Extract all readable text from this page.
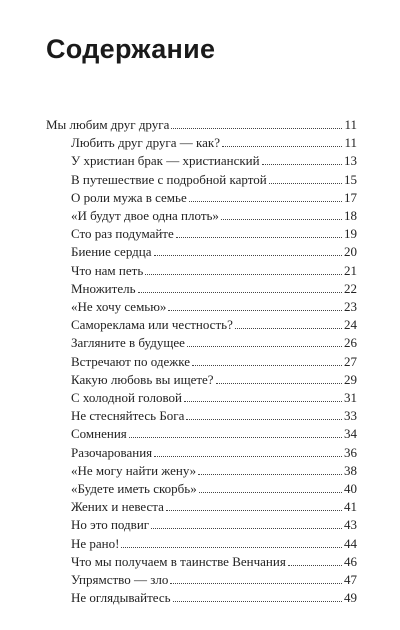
Содержание
Мы любим друг друга	11
Любить друг друга — как?	11
У христиан брак — христианский	13
В путешествие с подробной картой	15
О роли мужа в семье	17
«И будут двое одна плоть»	18
Сто раз подумайте	19
Биение сердца	20
Что нам петь	21
Множитель	22
«Не хочу семью»	23
Самореклама или честность?	24
Загляните в будущее	26
Встречают по одежке	27
Какую любовь вы ищете?	29
С холодной головой	31
Не стесняйтесь Бога	33
Сомнения	34
Разочарования	36
«Не могу найти жену»	38
«Будете иметь скорбь»	40
Жених и невеста	41
Но это подвиг	43
Не рано!	44
Что мы получаем в таинстве Венчания	46
Упрямство — зло	47
Не оглядывайтесь	49
